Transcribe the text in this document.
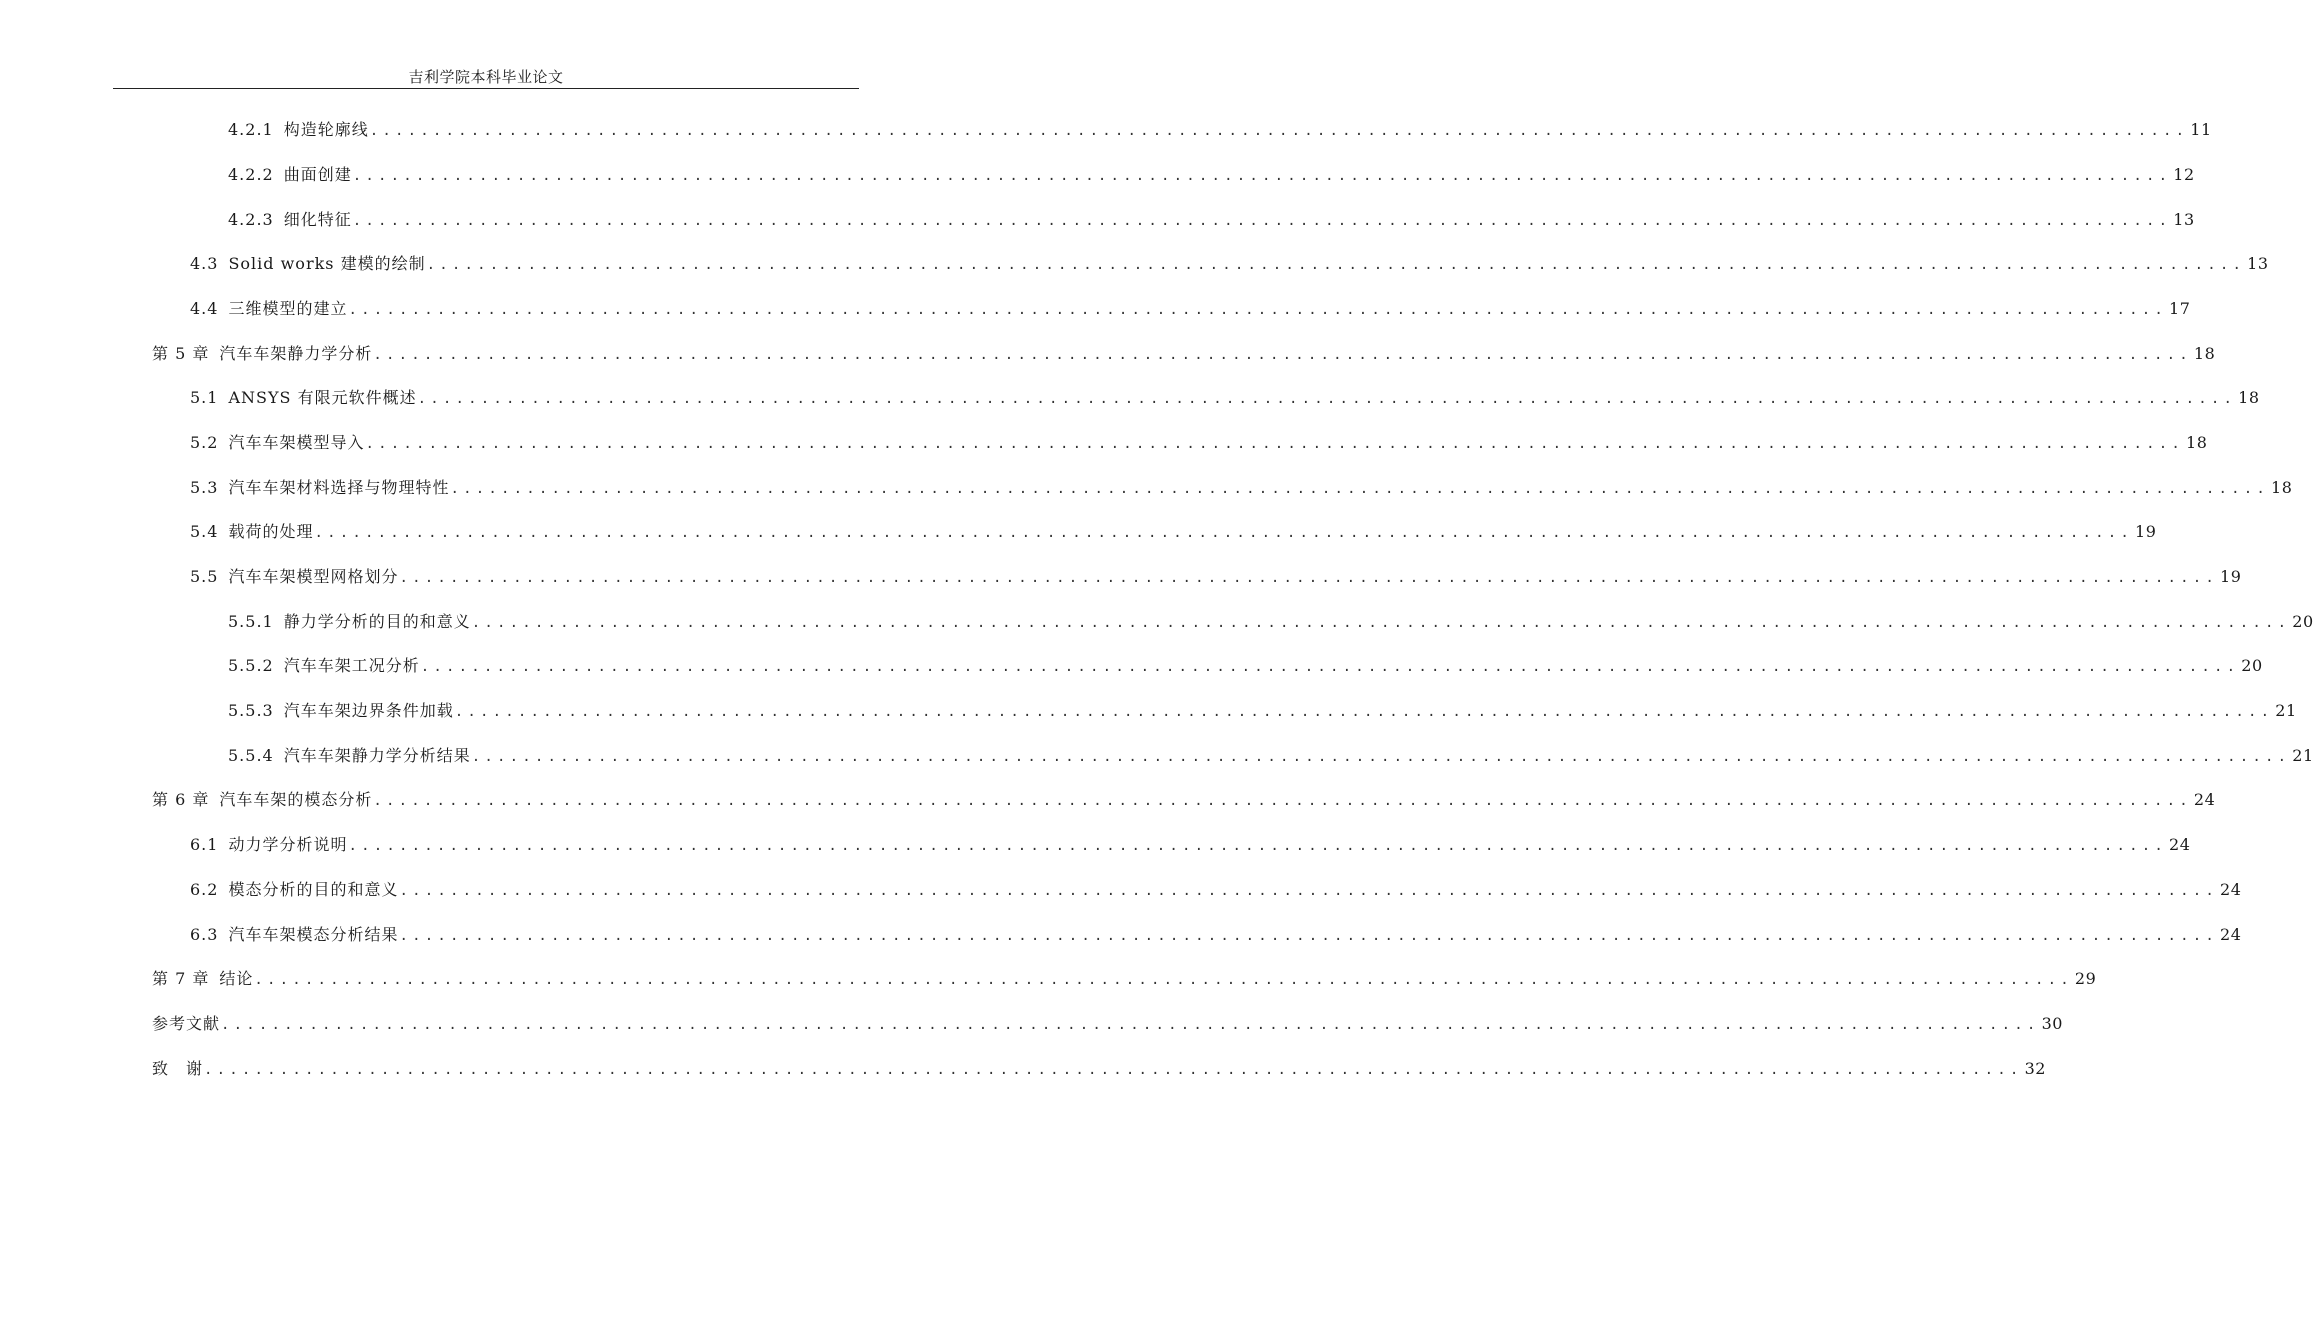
吉利学院本科毕业论文
4.2.1 构造轮廓线 ................................................................................................................................................ 11
4.2.2 曲面创建 ................................................................................................................................................ 12
4.2.3 细化特征 ................................................................................................................................................ 13
4.3 Solid works 建模的绘制 ................................................................................................................................................ 13
4.4 三维模型的建立 ................................................................................................................................................ 17
第 5 章 汽车车架静力学分析 ................................................................................................................................................ 18
5.1 ANSYS 有限元软件概述 ................................................................................................................................................ 18
5.2 汽车车架模型导入 ................................................................................................................................................ 18
5.3 汽车车架材料选择与物理特性 ................................................................................................................................................ 18
5.4 载荷的处理 ................................................................................................................................................ 19
5.5 汽车车架模型网格划分 ................................................................................................................................................ 19
5.5.1 静力学分析的目的和意义 ................................................................................................................................................ 20
5.5.2 汽车车架工况分析 ................................................................................................................................................ 20
5.5.3 汽车车架边界条件加载 ................................................................................................................................................ 21
5.5.4 汽车车架静力学分析结果 ................................................................................................................................................ 21
第 6 章 汽车车架的模态分析 ................................................................................................................................................ 24
6.1 动力学分析说明 ................................................................................................................................................ 24
6.2 模态分析的目的和意义 ................................................................................................................................................ 24
6.3 汽车车架模态分析结果 ................................................................................................................................................ 24
第 7 章 结论 ................................................................................................................................................ 29
参考文献 ................................................................................................................................................ 30
致　谢 ................................................................................................................................................ 32
